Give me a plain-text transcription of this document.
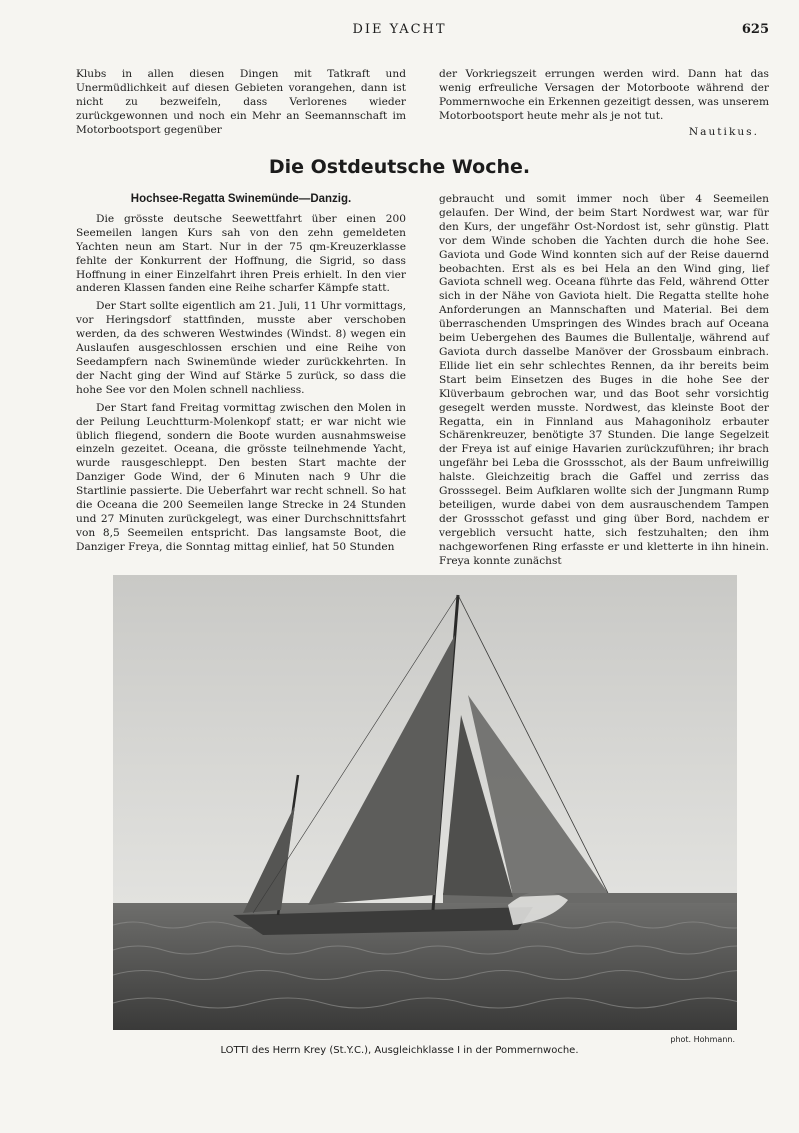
DIE YACHT	625

Klubs in allen diesen Dingen mit Tatkraft und Unermüdlichkeit auf diesen Gebieten vorangehen, dann ist nicht zu bezweifeln, dass Verlorenes wieder zurückgewonnen und noch ein Mehr an Seemannschaft im Motorbootsport gegenüber

der Vorkriegszeit errungen werden wird. Dann hat das wenig erfreuliche Versagen der Motorboote während der Pommernwoche ein Erkennen gezeitigt dessen, was unserem Motorbootsport heute mehr als je not tut.

Nautikus.
Die Ostdeutsche Woche.
Hochsee-Regatta Swinemünde—Danzig.

Die grösste deutsche Seewettfahrt über einen 200 Seemeilen langen Kurs sah von den zehn gemeldeten Yachten neun am Start. Nur in der 75 qm-Kreuzerklasse fehlte der Konkurrent der Hoffnung, die Sigrid, so dass Hoffnung in einer Einzelfahrt ihren Preis erhielt. In den vier anderen Klassen fanden eine Reihe scharfer Kämpfe statt.

Der Start sollte eigentlich am 21. Juli, 11 Uhr vormittags, vor Heringsdorf stattfinden, musste aber verschoben werden, da des schweren Westwindes (Windst. 8) wegen ein Auslaufen ausgeschlossen erschien und eine Reihe von Seedampfern nach Swinemünde wieder zurückkehrten. In der Nacht ging der Wind auf Stärke 5 zurück, so dass die hohe See vor den Molen schnell nachliess.

Der Start fand Freitag vormittag zwischen den Molen in der Peilung Leuchtturm-Molenkopf statt; er war nicht wie üblich fliegend, sondern die Boote wurden ausnahmsweise einzeln gezeitet. Oceana, die grösste teilnehmende Yacht, wurde rausgeschleppt. Den besten Start machte der Danziger Gode Wind, der 6 Minuten nach 9 Uhr die Startlinie passierte. Die Ueberfahrt war recht schnell. So hat die Oceana die 200 Seemeilen lange Strecke in 24 Stunden und 27 Minuten zurückgelegt, was einer Durchschnittsfahrt von 8,5 Seemeilen entspricht. Das langsamste Boot, die Danziger Freya, die Sonntag mittag einlief, hat 50 Stunden

gebraucht und somit immer noch über 4 Seemeilen gelaufen. Der Wind, der beim Start Nordwest war, war für den Kurs, der ungefähr Ost-Nordost ist, sehr günstig. Platt vor dem Winde schoben die Yachten durch die hohe See. Gaviota und Gode Wind konnten sich auf der Reise dauernd beobachten. Erst als es bei Hela an den Wind ging, lief Gaviota schnell weg. Oceana führte das Feld, während Otter sich in der Nähe von Gaviota hielt. Die Regatta stellte hohe Anforderungen an Mannschaften und Material. Bei dem überraschenden Umspringen des Windes brach auf Oceana beim Uebergehen des Baumes die Bullentalje, während auf Gaviota durch dasselbe Manöver der Grossbaum einbrach. Ellide liet ein sehr schlechtes Rennen, da ihr bereits beim Start beim Einsetzen des Buges in die hohe See der Klüverbaum gebrochen war, und das Boot sehr vorsichtig gesegelt werden musste. Nordwest, das kleinste Boot der Regatta, ein in Finnland aus Mahagoniholz erbauter Schärenkreuzer, benötigte 37 Stunden. Die lange Segelzeit der Freya ist auf einige Havarien zurückzuführen; ihr brach ungefähr bei Leba die Grossschot, als der Baum unfreiwillig halste. Gleichzeitig brach die Gaffel und zerriss das Grosssegel. Beim Aufklaren wollte sich der Jungmann Rump beteiligen, wurde dabei von dem ausrauschendem Tampen der Grossschot gefasst und ging über Bord, nachdem er vergeblich versucht hatte, sich festzuhalten; den ihm nachgeworfenen Ring erfasste er und kletterte in ihn hinein. Freya konnte zunächst

phot. Hohmann.
LOTTI des Herrn Krey (St.Y.C.), Ausgleichklasse I in der Pommernwoche.
